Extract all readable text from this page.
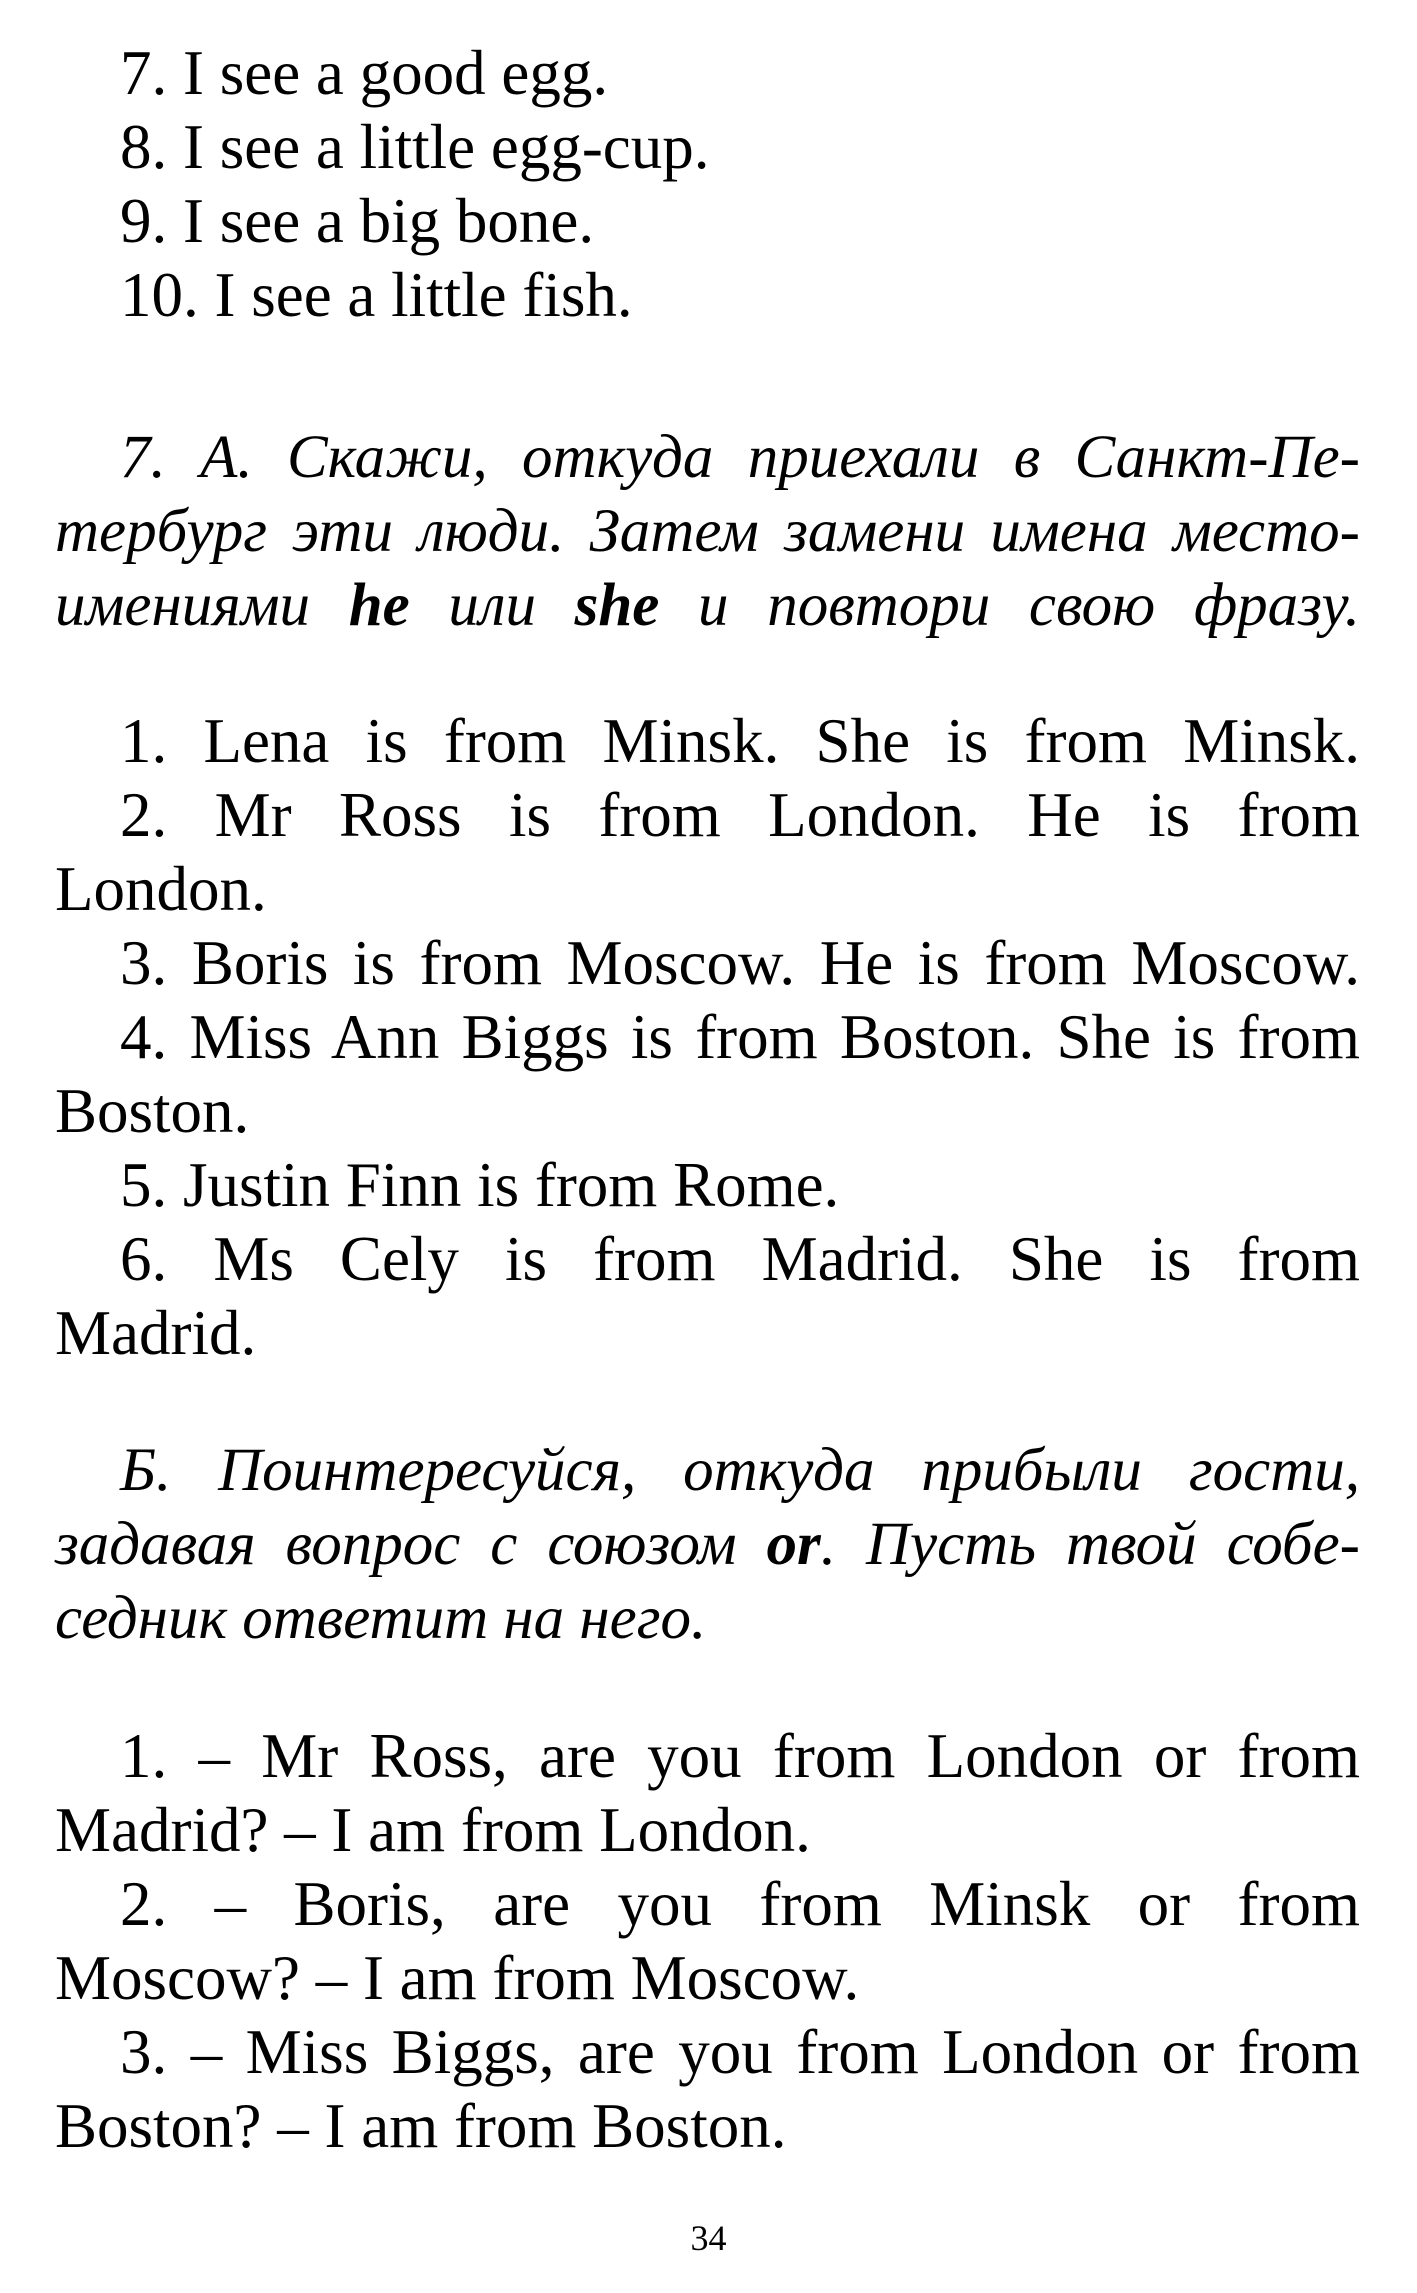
7. I see a good egg.

8. I see a little egg-cup.

9. I see a big bone.

10. I see a little fish.

7. А. Скажи, откуда приехали в Санкт-Пе-

тербург эти люди. Затем замени имена место-

имениями he или she и повтори свою фразу.

1. Lena is from Minsk. She is from Minsk.

2. Mr Ross is from London. He is from

London.

3. Boris is from Moscow. He is from Moscow.

4. Miss Ann Biggs is from Boston. She is from

Boston.

5. Justin Finn is from Rome.

6. Ms Cely is from Madrid. She is from

Madrid.

Б. Поинтересуйся, откуда прибыли гости,

задавая вопрос с союзом or. Пусть твой собе-

седник ответит на него.

1. – Mr Ross, are you from London or from

Madrid? – I am from London.

2. – Boris, are you from Minsk or from

Moscow? – I am from Moscow.

3. – Miss Biggs, are you from London or from

Boston? – I am from Boston.

34
